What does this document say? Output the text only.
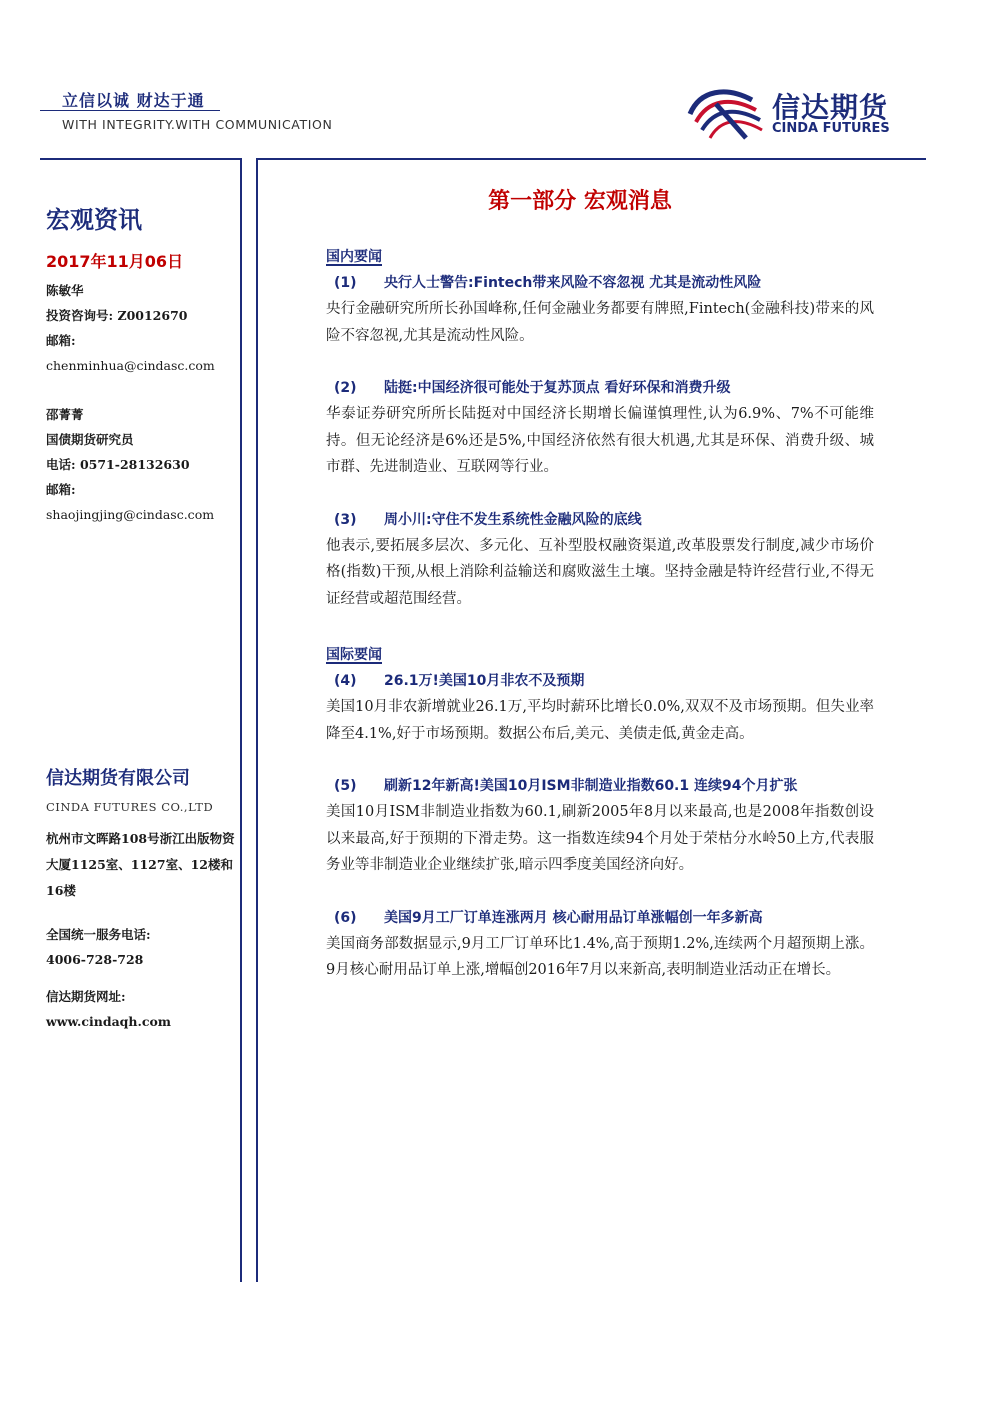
立信以诚 财达于通
WITH INTEGRITY.WITH COMMUNICATION
信达期货
CINDA FUTURES
宏观资讯
2017年11月06日
陈敏华
投资咨询号: Z0012670
邮箱:
chenminhua@cindasc.com
邵菁菁
国债期货研究员
电话: 0571-28132630
邮箱:
shaojingjing@cindasc.com
信达期货有限公司
CINDA FUTURES CO.,LTD
杭州市文晖路108号浙江出版物资大厦1125室、1127室、12楼和16楼
全国统一服务电话:
4006-728-728
信达期货网址:
www.cindaqh.com
第一部分 宏观消息
国内要闻
(1)	央行人士警告:Fintech带来风险不容忽视 尤其是流动性风险
央行金融研究所所长孙国峰称,任何金融业务都要有牌照,Fintech(金融科技)带来的风险不容忽视,尤其是流动性风险。
(2)	陆挺:中国经济很可能处于复苏顶点 看好环保和消费升级
华泰证券研究所所长陆挺对中国经济长期增长偏谨慎理性,认为6.9%、7%不可能维持。但无论经济是6%还是5%,中国经济依然有很大机遇,尤其是环保、消费升级、城市群、先进制造业、互联网等行业。
(3)	周小川:守住不发生系统性金融风险的底线
他表示,要拓展多层次、多元化、互补型股权融资渠道,改革股票发行制度,减少市场价格(指数)干预,从根上消除利益输送和腐败滋生土壤。坚持金融是特许经营行业,不得无证经营或超范围经营。
国际要闻
(4)	26.1万!美国10月非农不及预期
美国10月非农新增就业26.1万,平均时薪环比增长0.0%,双双不及市场预期。但失业率降至4.1%,好于市场预期。数据公布后,美元、美债走低,黄金走高。
(5)	刷新12年新高!美国10月ISM非制造业指数60.1 连续94个月扩张
美国10月ISM非制造业指数为60.1,刷新2005年8月以来最高,也是2008年指数创设以来最高,好于预期的下滑走势。这一指数连续94个月处于荣枯分水岭50上方,代表服务业等非制造业企业继续扩张,暗示四季度美国经济向好。
(6)	美国9月工厂订单连涨两月 核心耐用品订单涨幅创一年多新高
美国商务部数据显示,9月工厂订单环比1.4%,高于预期1.2%,连续两个月超预期上涨。9月核心耐用品订单上涨,增幅创2016年7月以来新高,表明制造业活动正在增长。
